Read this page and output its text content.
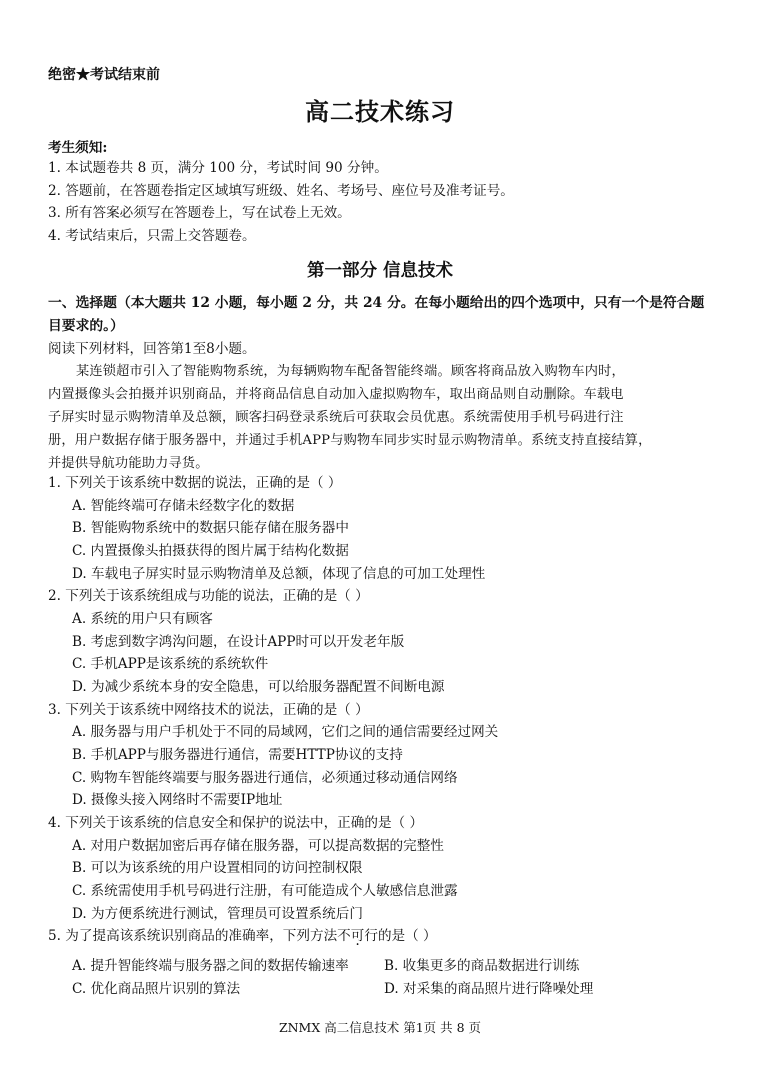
绝密★考试结束前
高二技术练习
考生须知:
1. 本试题卷共 8 页，满分 100 分，考试时间 90 分钟。
2. 答题前，在答题卷指定区域填写班级、姓名、考场号、座位号及准考证号。
3. 所有答案必须写在答题卷上，写在试卷上无效。
4. 考试结束后，只需上交答题卷。
第一部分 信息技术
一、选择题（本大题共 12 小题，每小题 2 分，共 24 分。在每小题给出的四个选项中，只有一个是符合题目要求的。）
阅读下列材料，回答第1至8小题。

某连锁超市引入了智能购物系统，为每辆购物车配备智能终端。顾客将商品放入购物车内时，

内置摄像头会拍摄并识别商品，并将商品信息自动加入虚拟购物车，取出商品则自动删除。车载电

子屏实时显示购物清单及总额，顾客扫码登录系统后可获取会员优惠。系统需使用手机号码进行注

册，用户数据存储于服务器中，并通过手机APP与购物车同步实时显示购物清单。系统支持直接结算，

并提供导航功能助力寻货。

1. 下列关于该系统中数据的说法，正确的是（ ）
A. 智能终端可存储未经数字化的数据
B. 智能购物系统中的数据只能存储在服务器中
C. 内置摄像头拍摄获得的图片属于结构化数据
D. 车载电子屏实时显示购物清单及总额，体现了信息的可加工处理性
2. 下列关于该系统组成与功能的说法，正确的是（ ）
A. 系统的用户只有顾客
B. 考虑到数字鸿沟问题，在设计APP时可以开发老年版
C. 手机APP是该系统的系统软件
D. 为减少系统本身的安全隐患，可以给服务器配置不间断电源
3. 下列关于该系统中网络技术的说法，正确的是（ ）
A. 服务器与用户手机处于不同的局域网，它们之间的通信需要经过网关
B. 手机APP与服务器进行通信，需要HTTP协议的支持
C. 购物车智能终端要与服务器进行通信，必须通过移动通信网络
D. 摄像头接入网络时不需要IP地址
4. 下列关于该系统的信息安全和保护的说法中，正确的是（ ）
A. 对用户数据加密后再存储在服务器，可以提高数据的完整性
B. 可以为该系统的用户设置相同的访问控制权限
C. 系统需使用手机号码进行注册，有可能造成个人敏感信息泄露
D. 为方便系统进行测试，管理员可设置系统后门
5. 为了提高该系统识别商品的准确率，下列方法不可行的是（ ）
A. 提升智能终端与服务器之间的数据传输速率	B. 收集更多的商品数据进行训练
C. 优化商品照片识别的算法	D. 对采集的商品照片进行降噪处理
ZNMX 高二信息技术 第1页 共 8 页
